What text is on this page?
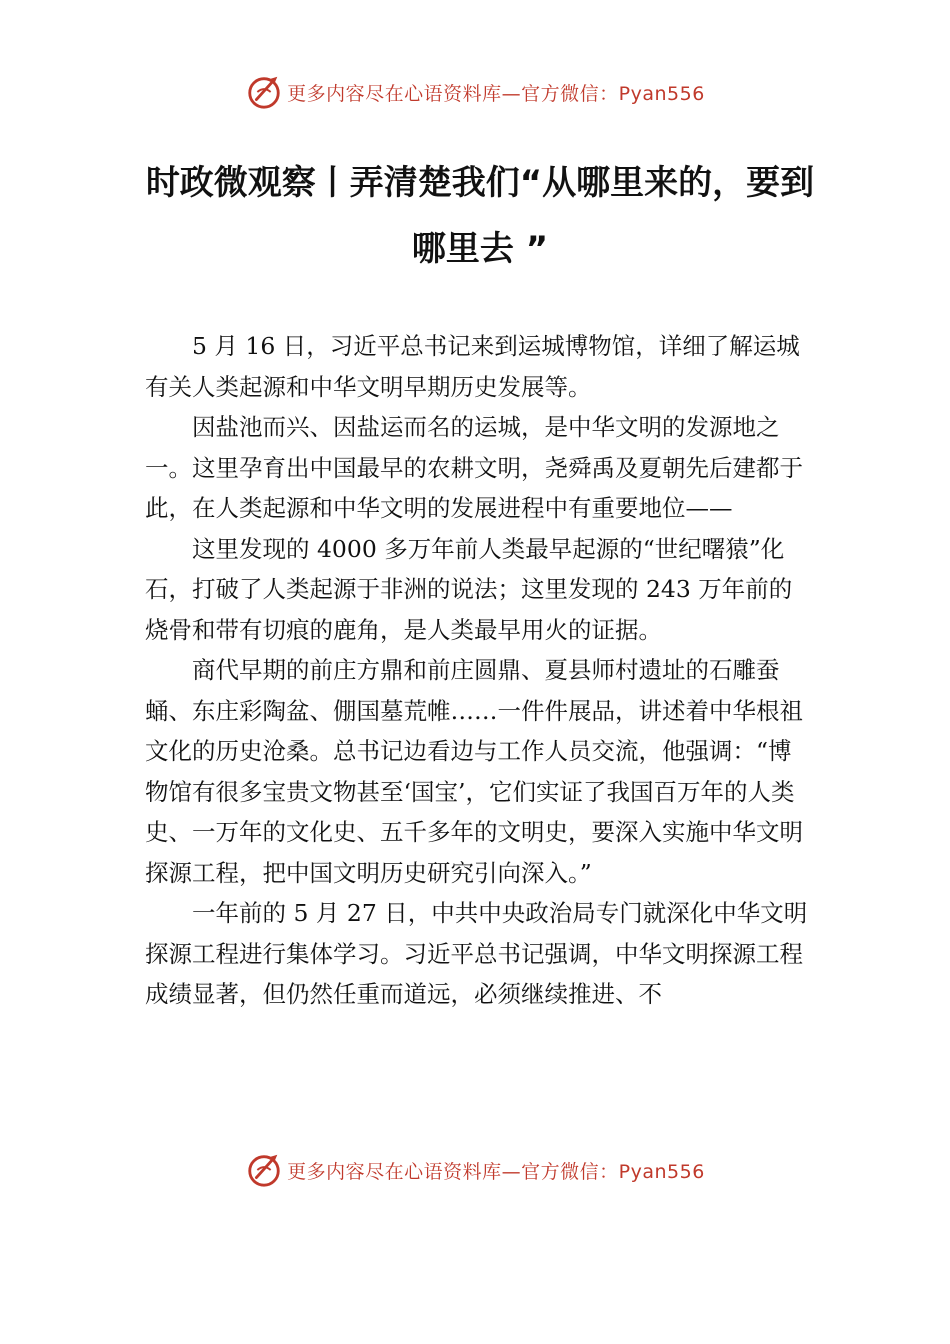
更多内容尽在心语资料库—官方微信：Pyan556
时政微观察丨弄清楚我们“从哪里来的，要到哪里去 ”

5 月 16 日，习近平总书记来到运城博物馆，详细了解运城有关人类起源和中华文明早期历史发展等。

因盐池而兴、因盐运而名的运城，是中华文明的发源地之一。这里孕育出中国最早的农耕文明，尧舜禹及夏朝先后建都于此，在人类起源和中华文明的发展进程中有重要地位——

这里发现的 4000 多万年前人类最早起源的“世纪曙猿”化石，打破了人类起源于非洲的说法；这里发现的 243 万年前的烧骨和带有切痕的鹿角，是人类最早用火的证据。

商代早期的前庄方鼎和前庄圆鼎、夏县师村遗址的石雕蚕蛹、东庄彩陶盆、倗国墓荒帷……一件件展品，讲述着中华根祖文化的历史沧桑。总书记边看边与工作人员交流，他强调：“博物馆有很多宝贵文物甚至‘国宝’，它们实证了我国百万年的人类史、一万年的文化史、五千多年的文明史，要深入实施中华文明探源工程，把中国文明历史研究引向深入。”

一年前的 5 月 27 日，中共中央政治局专门就深化中华文明探源工程进行集体学习。习近平总书记强调，中华文明探源工程成绩显著，但仍然任重而道远，必须继续推进、不

更多内容尽在心语资料库—官方微信：Pyan556
